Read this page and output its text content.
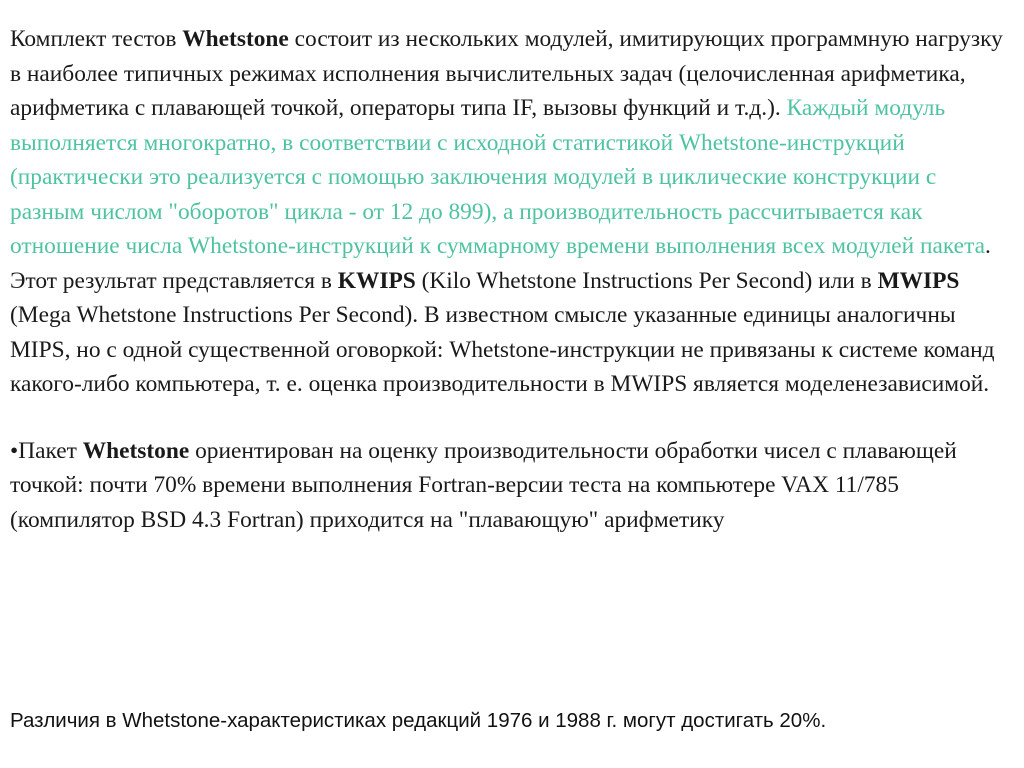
Комплект тестов Whetstone состоит из нескольких модулей, имитирующих программную нагрузку в наиболее типичных режимах исполнения вычислительных задач (целочисленная арифметика, арифметика с плавающей точкой, операторы типа IF, вызовы функций и т.д.). Каждый модуль выполняется многократно, в соответствии с исходной статистикой Whetstone-инструкций (практически это реализуется с помощью заключения модулей в циклические конструкции с разным числом "оборотов" цикла - от 12 до 899), а производительность рассчитывается как отношение числа Whetstone-инструкций к суммарному времени выполнения всех модулей пакета. Этот результат представляется в KWIPS (Kilo Whetstone Instructions Per Second) или в MWIPS (Mega Whetstone Instructions Per Second). В известном смысле указанные единицы аналогичны MIPS, но с одной существенной оговоркой: Whetstone-инструкции не привязаны к системе команд какого-либо компьютера, т. е. оценка производительности в MWIPS является моделенезависимой.

•Пакет Whetstone ориентирован на оценку производительности обработки чисел с плавающей точкой: почти 70% времени выполнения Fortran-версии теста на компьютере VAX 11/785 (компилятор BSD 4.3 Fortran) приходится на "плавающую" арифметику

Различия в Whetstone-характеристиках редакций 1976 и 1988 г. могут достигать 20%.
